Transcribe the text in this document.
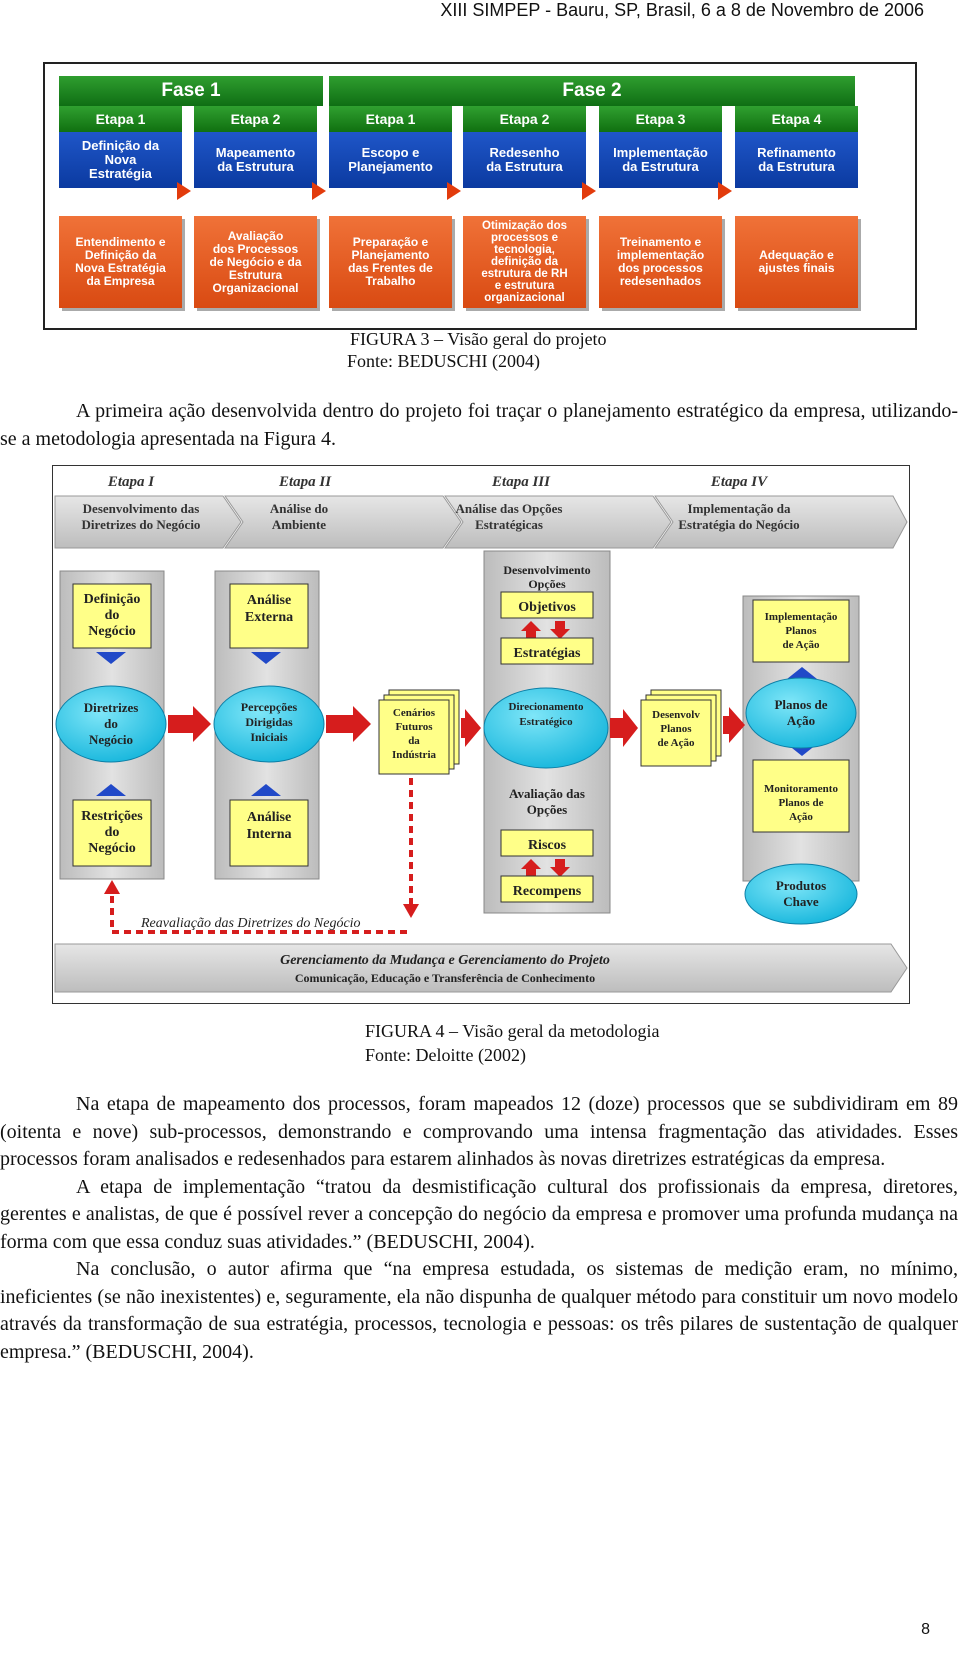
XIII SIMPEP - Bauru, SP, Brasil, 6 a 8 de Novembro de 2006
Fase 1	Fase 2
Etapa 1
Definição da
Nova
Estratégia
Etapa 2
Mapeamento
da Estrutura
Etapa 1
Escopo e
Planejamento
Etapa 2
Redesenho
da Estrutura
Etapa 3
Implementação
da Estrutura
Etapa 4
Refinamento
da Estrutura
Entendimento e
Definição da
Nova Estratégia
da Empresa
Avaliação
dos Processos
de Negócio e da
Estrutura
Organizacional
Preparação e
Planejamento
das Frentes de
Trabalho
Otimização dos
processos e
tecnologia,
definição da
estrutura de RH
e estrutura
organizacional
Treinamento e
implementação
dos processos
redesenhados
Adequação e
ajustes finais
FIGURA 3 – Visão geral do projeto
Fonte: BEDUSCHI (2004)

A primeira ação desenvolvida dentro do projeto foi traçar o planejamento estratégico da empresa, utilizando-se a metodologia apresentada na Figura 4.

Etapa I	Etapa II	Etapa III	Etapa IV
Desenvolvimento das Diretrizes do Negócio
Análise do Ambiente
Análise das Opções Estratégicas
Implementação da Estratégia do Negócio
Definição do Negócio
Análise Externa
Desenvolvimento Opções
Objetivos
Estratégias
Implementação Planos de Ação
Diretrizes do Negócio
Percepções Dirigidas Iniciais
Direcionamento Estratégico
Planos de Ação
Cenários Futuros da Indústria
Desenvolv Planos de Ação
Restrições do Negócio
Análise Interna
Avaliação das Opções
Riscos
Recompens
Monitoramento Planos de Ação
Produtos Chave
Reavaliação das Diretrizes do Negócio
Gerenciamento da Mudança e Gerenciamento do Projeto
Comunicação, Educação e Transferência de Conhecimento
FIGURA 4 – Visão geral da metodologia
Fonte: Deloitte (2002)

Na etapa de mapeamento dos processos, foram mapeados 12 (doze) processos que se subdividiram em 89 (oitenta e nove) sub-processos, demonstrando e comprovando uma intensa fragmentação das atividades. Esses processos foram analisados e redesenhados para estarem alinhados às novas diretrizes estratégicas da empresa.

A etapa de implementação “tratou da desmistificação cultural dos profissionais da empresa, diretores, gerentes e analistas, de que é possível rever a concepção do negócio da empresa e promover uma profunda mudança na forma com que essa conduz suas atividades.” (BEDUSCHI, 2004).

Na conclusão, o autor afirma que “na empresa estudada, os sistemas de medição eram, no mínimo, ineficientes (se não inexistentes) e, seguramente, ela não dispunha de qualquer método para constituir um novo modelo através da transformação de sua estratégia, processos, tecnologia e pessoas: os três pilares de sustentação de qualquer empresa.” (BEDUSCHI, 2004).

8
